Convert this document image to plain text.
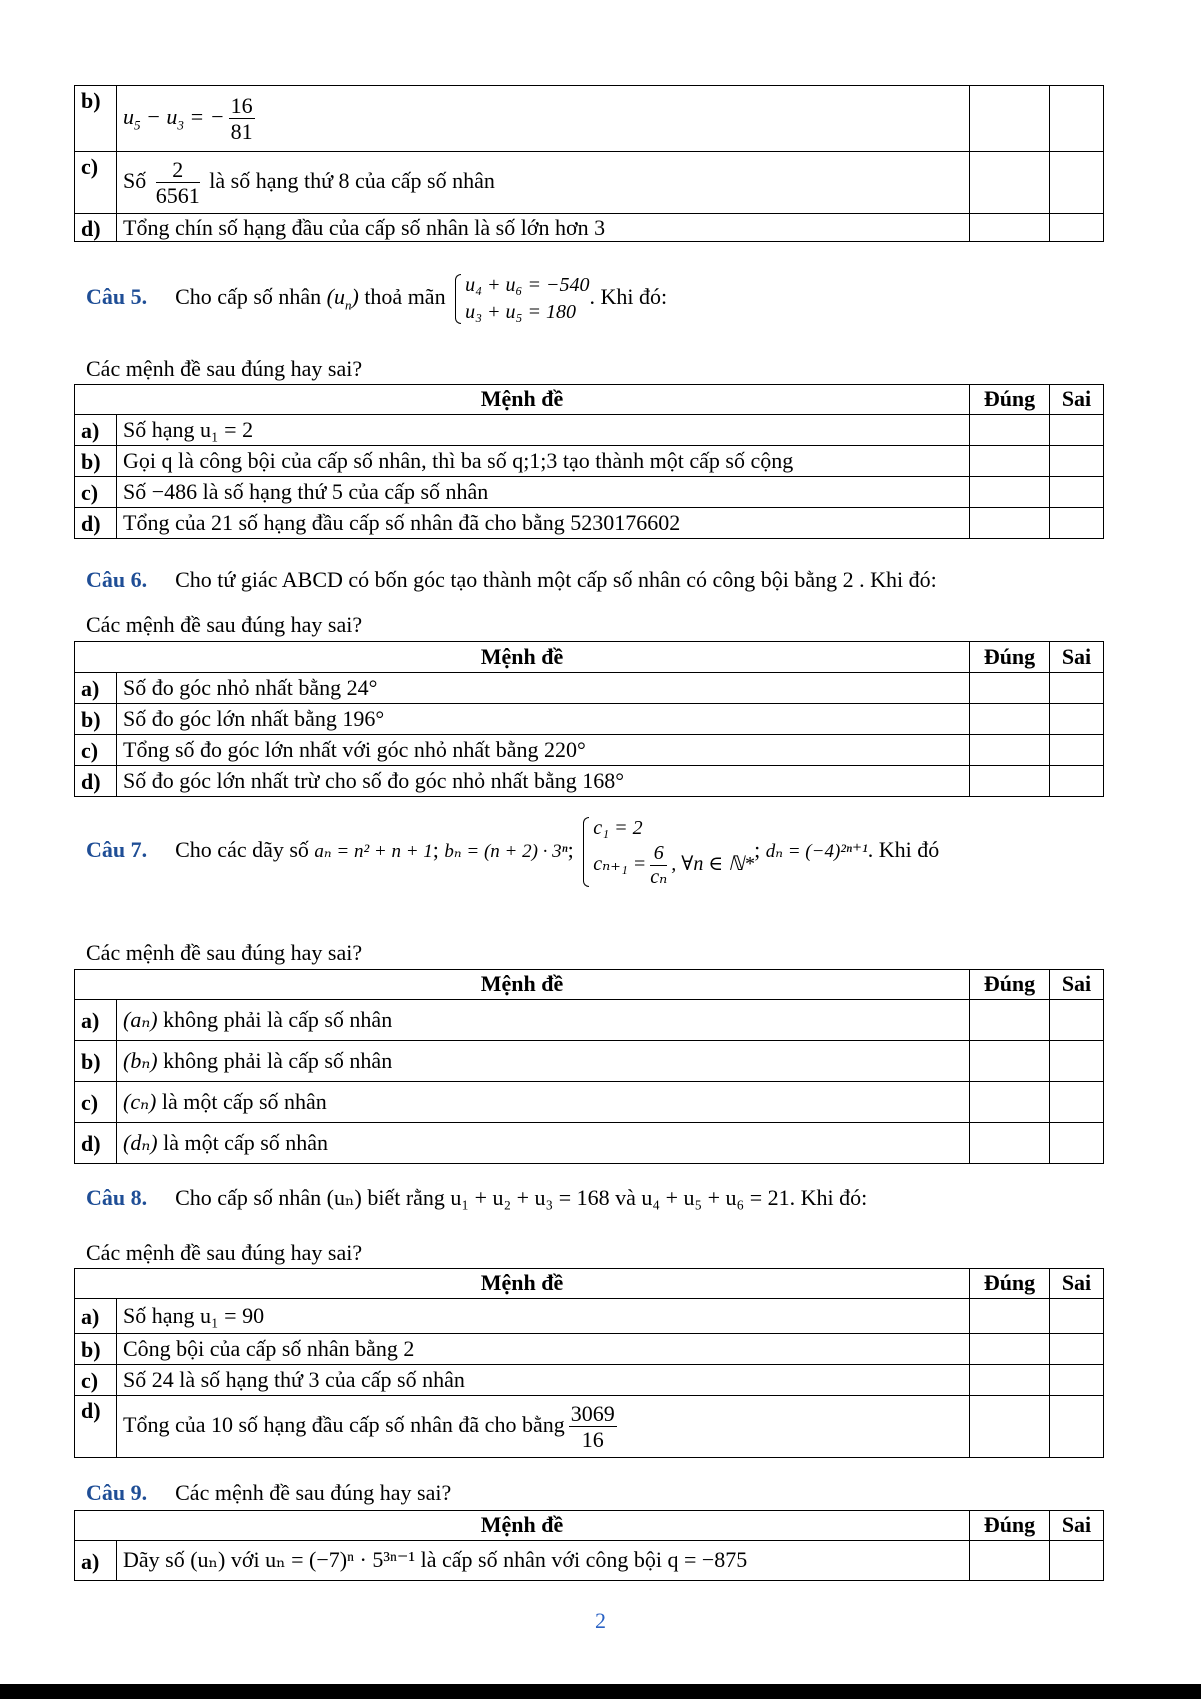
b)	$u_5 - u_3$ = − $\frac{16}{81}$

c)	Số $\frac{2}{6561}$ là số hạng thứ 8 của cấp số nhân		
d)	Tổng chín số hạng đầu của cấp số nhân là số lớn hơn 3		
Câu 5. Cho cấp số nhân $(u_n)$ thoả mãn u₄ + u₆ = −540
u₃ + u₅ = 180
. Khi đó:
Các mệnh đề sau đúng hay sai?
Mệnh đề		Đúng	Sai
a)	Số hạng u₁ = 2		
b)	Gọi q là công bội của cấp số nhân, thì ba số q;1;3 tạo thành một cấp số cộng		
c)	Số −486 là số hạng thứ 5 của cấp số nhân		
d)	Tổng của 21 số hạng đầu cấp số nhân đã cho bằng 5230176602		
Câu 6. Cho tứ giác ABCD có bốn góc tạo thành một cấp số nhân có công bội bằng 2 . Khi đó:
Các mệnh đề sau đúng hay sai?
Mệnh đề		Đúng	Sai
a)	Số đo góc nhỏ nhất bằng 24°		
b)	Số đo góc lớn nhất bằng 196°		
c)	Tổng số đo góc lớn nhất với góc nhỏ nhất bằng 220°		
d)	Số đo góc lớn nhất trừ cho số đo góc nhỏ nhất bằng 168°		
Câu 7. Cho các dãy số aₙ = n² + n + 1; bₙ = (n + 2) · 3ⁿ;
c₁ = 2
$c_{n+1} = \frac{6}{\text{cₙ}}$ , ∀n ∈ ℕ*
; dₙ = (−4)²ⁿ⁺¹. Khi đó
Các mệnh đề sau đúng hay sai?
Mệnh đề		Đúng	Sai
a)	(aₙ) không phải là cấp số nhân		
b)	(bₙ) không phải là cấp số nhân		
c)	(cₙ) là một cấp số nhân		
d)	(dₙ) là một cấp số nhân		
Câu 8. Cho cấp số nhân (uₙ) biết rằng u₁ + u₂ + u₃ = 168 và u₄ + u₅ + u₆ = 21. Khi đó:
Các mệnh đề sau đúng hay sai?
Mệnh đề		Đúng	Sai
a)	Số hạng u₁ = 90		
b)	Công bội của cấp số nhân bằng 2		
c)	Số 24 là số hạng thứ 3 của cấp số nhân		
d)	Tổng của 10 số hạng đầu cấp số nhân đã cho bằng $\frac{3069}{16}$

Câu 9. Các mệnh đề sau đúng hay sai?
Mệnh đề		Đúng	Sai
a)	Dãy số (uₙ) với uₙ = (−7)ⁿ · 5³ⁿ⁻¹ là cấp số nhân với công bội q = −875		
2
